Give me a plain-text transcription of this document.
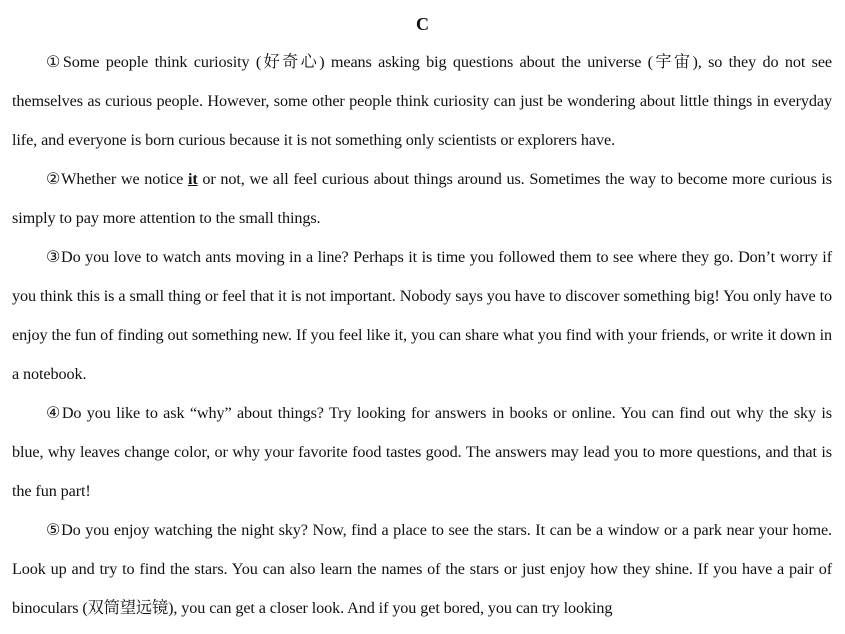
C

①Some people think curiosity (好奇心) means asking big questions about the universe (宇宙), so they do not see themselves as curious people. However, some other people think curiosity can just be wondering about little things in everyday life, and everyone is born curious because it is not something only scientists or explorers have.

②Whether we notice it or not, we all feel curious about things around us. Sometimes the way to become more curious is simply to pay more attention to the small things.

③Do you love to watch ants moving in a line? Perhaps it is time you followed them to see where they go. Don’t worry if you think this is a small thing or feel that it is not important. Nobody says you have to discover something big! You only have to enjoy the fun of finding out something new. If you feel like it, you can share what you find with your friends, or write it down in a notebook.

④Do you like to ask “why” about things? Try looking for answers in books or online. You can find out why the sky is blue, why leaves change color, or why your favorite food tastes good. The answers may lead you to more questions, and that is the fun part!

⑤Do you enjoy watching the night sky? Now, find a place to see the stars. It can be a window or a park near your home. Look up and try to find the stars. You can also learn the names of the stars or just enjoy how they shine. If you have a pair of binoculars (双筒望远镜), you can get a closer look. And if you get bored, you can try looking
